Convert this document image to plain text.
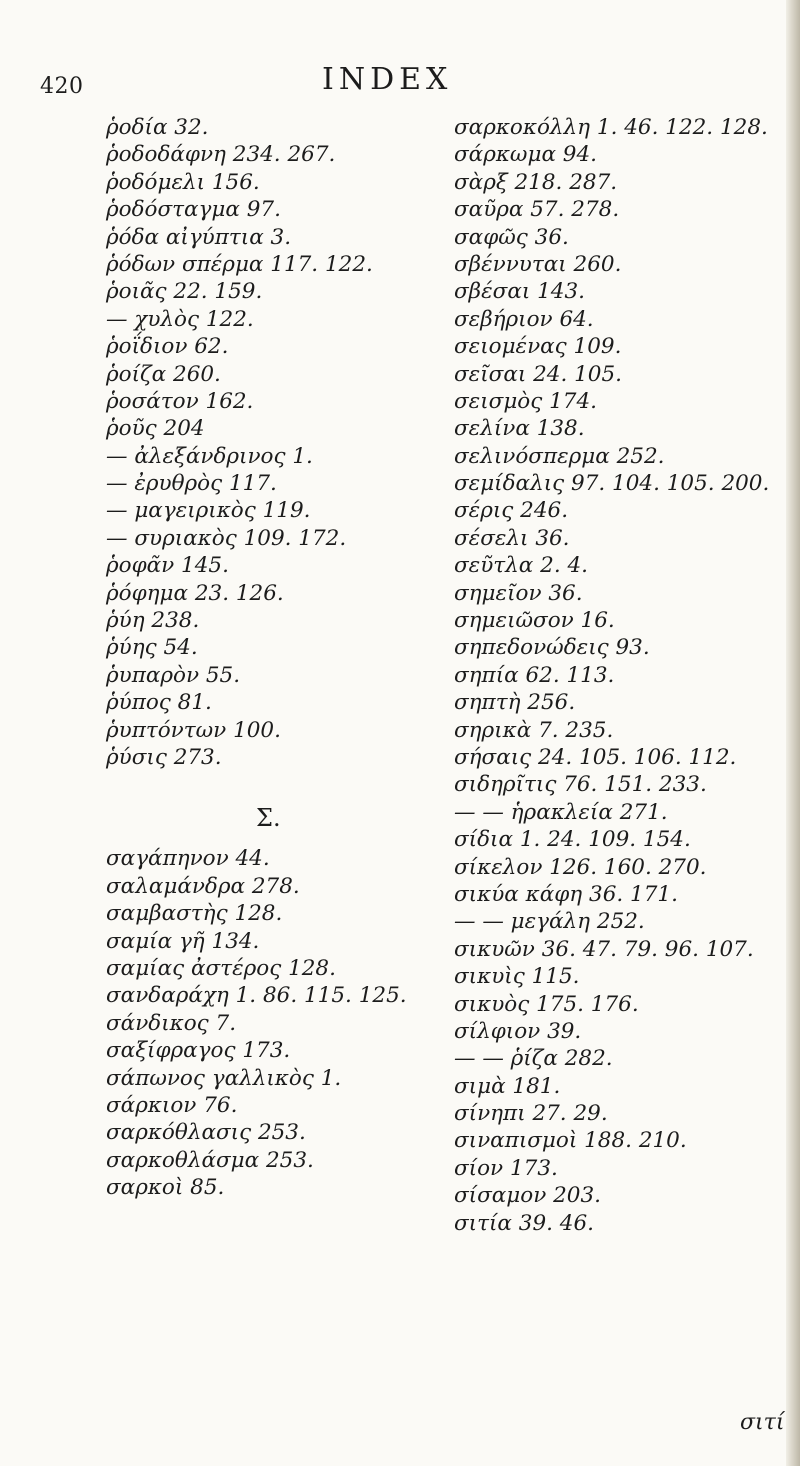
420	INDEX
ῥοδία 32.
ῥοδοδάφνη 234. 267.
ῥοδόμελι 156.
ῥοδόσταγμα 97.
ῥόδα αἰγύπτια 3.
ῥόδων σπέρμα 117. 122.
ῥοιᾶς 22. 159.
— χυλὸς 122.
ῥοΐδιον 62.
ῥοίζα 260.
ῥοσάτον 162.
ῥοῦς 204
— ἀλεξάνδρινος 1.
— ἐρυθρὸς 117.
— μαγειρικὸς 119.
— συριακὸς 109. 172.
ῥοφᾶν 145.
ῥόφημα 23. 126.
ῥύη 238.
ῥύης 54.
ῥυπαρὸν 55.
ῥύπος 81.
ῥυπτόντων 100.
ῥύσις 273.
Σ.
σαγάπηνον 44.
σαλαμάνδρα 278.
σαμβαστὴς 128.
σαμία γῆ 134.
σαμίας ἀστέρος 128.
σανδαράχη 1. 86. 115. 125.
σάνδικος 7.
σαξίφραγος 173.
σάπωνος γαλλικὸς 1.
σάρκιον 76.
σαρκόθλασις 253.
σαρκοθλάσμα 253.
σαρκοὶ 85.
σαρκοκόλλη 1. 46. 122. 128.
σάρκωμα 94.
σὰρξ 218. 287.
σαῦρα 57. 278.
σαφῶς 36.
σβέννυται 260.
σβέσαι 143.
σεβήριον 64.
σειομένας 109.
σεῖσαι 24. 105.
σεισμὸς 174.
σελίνα 138.
σελινόσπερμα 252.
σεμίδαλις 97. 104. 105. 200.
σέρις 246.
σέσελι 36.
σεῦτλα 2. 4.
σημεῖον 36.
σημειῶσον 16.
σηπεδονώδεις 93.
σηπία 62. 113.
σηπτὴ 256.
σηρικὰ 7. 235.
σήσαις 24. 105. 106. 112.
σιδηρῖτις 76. 151. 233.
— — ἡρακλεία 271.
σίδια 1. 24. 109. 154.
σίκελον 126. 160. 270.
σικύα κάφη 36. 171.
— — μεγάλη 252.
σικυῶν 36. 47. 79. 96. 107.
σικυὶς 115.
σικυὸς 175. 176.
σίλφιον 39.
— — ῥίζα 282.
σιμὰ 181.
σίνηπι 27. 29.
σιναπισμοὶ 188. 210.
σίον 173.
σίσαμον 203.
σιτία 39. 46.
σιτί
